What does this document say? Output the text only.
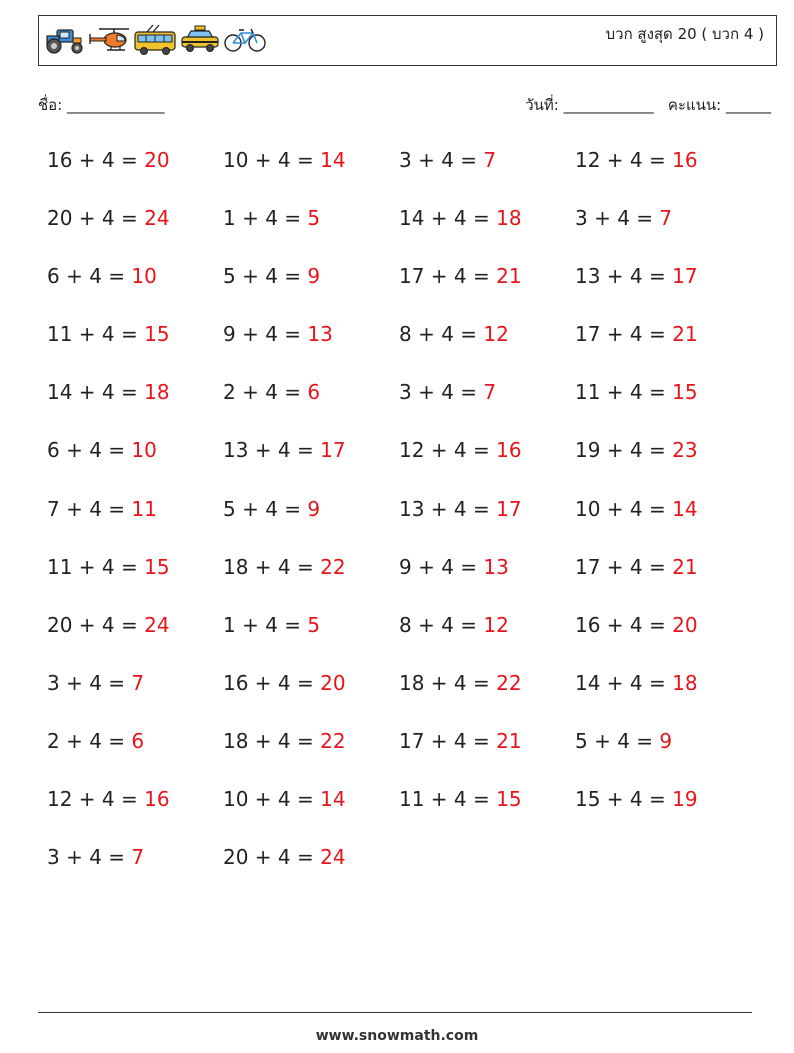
บวก สูงสุด 20 ( บวก 4 )
ชื่อ: _____________	วันที่: ____________ คะแนน: ______
16 + 4 = 20	10 + 4 = 14	3 + 4 = 7	12 + 4 = 16
20 + 4 = 24	1 + 4 = 5	14 + 4 = 18	3 + 4 = 7
6 + 4 = 10	5 + 4 = 9	17 + 4 = 21	13 + 4 = 17
11 + 4 = 15	9 + 4 = 13	8 + 4 = 12	17 + 4 = 21
14 + 4 = 18	2 + 4 = 6	3 + 4 = 7	11 + 4 = 15
6 + 4 = 10	13 + 4 = 17	12 + 4 = 16	19 + 4 = 23
7 + 4 = 11	5 + 4 = 9	13 + 4 = 17	10 + 4 = 14
11 + 4 = 15	18 + 4 = 22	9 + 4 = 13	17 + 4 = 21
20 + 4 = 24	1 + 4 = 5	8 + 4 = 12	16 + 4 = 20
3 + 4 = 7	16 + 4 = 20	18 + 4 = 22	14 + 4 = 18
2 + 4 = 6	18 + 4 = 22	17 + 4 = 21	5 + 4 = 9
12 + 4 = 16	10 + 4 = 14	11 + 4 = 15	15 + 4 = 19
3 + 4 = 7	20 + 4 = 24
www.snowmath.com
